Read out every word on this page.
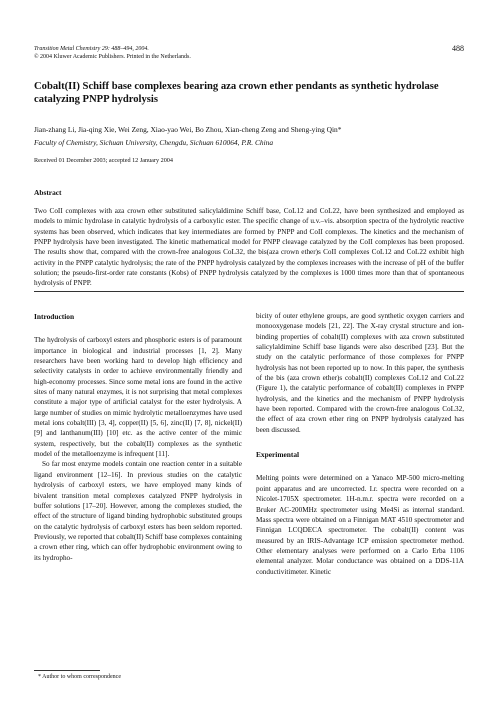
Transition Metal Chemistry 29: 488–494, 2004.
© 2004 Kluwer Academic Publishers. Printed in the Netherlands.
488
Cobalt(II) Schiff base complexes bearing aza crown ether pendants as synthetic hydrolase catalyzing PNPP hydrolysis
Jian-zhang Li, Jia-qing Xie, Wei Zeng, Xiao-yao Wei, Bo Zhou, Xian-cheng Zeng and Sheng-ying Qin*
Faculty of Chemistry, Sichuan University, Chengdu, Sichuan 610064, P.R. China
Received 01 December 2003; accepted 12 January 2004
Abstract
Two CoII complexes with aza crown ether substituted salicylaldimine Schiff base, CoL12 and CoL22, have been synthesized and employed as models to mimic hydrolase in catalytic hydrolysis of a carboxylic ester. The specific change of u.v.–vis. absorption spectra of the hydrolytic reactive systems has been observed, which indicates that key intermediates are formed by PNPP and CoII complexes. The kinetics and the mechanism of PNPP hydrolysis have been investigated. The kinetic mathematical model for PNPP cleavage catalyzed by the CoII complexes has been proposed. The results show that, compared with the crown-free analogous CoL32, the bis(aza crown ether)s CoII complexes CoL12 and CoL22 exhibit high activity in the PNPP catalytic hydrolysis; the rate of the PNPP hydrolysis catalyzed by the complexes increases with the increase of pH of the buffer solution; the pseudo-first-order rate constants (Kobs) of PNPP hydrolysis catalyzed by the complexes is 1000 times more than that of spontaneous hydrolysis of PNPP.

Introduction

The hydrolysis of carboxyl esters and phosphoric esters is of paramount importance in biological and industrial processes [1, 2]. Many researchers have been working hard to develop high efficiency and selectivity catalysts in order to achieve environmentally friendly and high-economy processes. Since some metal ions are found in the active sites of many natural enzymes, it is not surprising that metal complexes constitute a major type of artificial catalyst for the ester hydrolysis. A large number of studies on mimic hydrolytic metalloenzymes have used metal ions cobalt(III) [3, 4], copper(II) [5, 6], zinc(II) [7, 8], nickel(II) [9] and lanthanum(III) [10] etc. as the active center of the mimic system, respectively, but the cobalt(II) complexes as the synthetic model of the metalloenzyme is infrequent [11].

So far most enzyme models contain one reaction center in a suitable ligand environment [12–16]. In previous studies on the catalytic hydrolysis of carboxyl esters, we have employed many kinds of bivalent transition metal complexes catalyzed PNPP hydrolysis in buffer solutions [17–20]. However, among the complexes studied, the effect of the structure of ligand binding hydrophobic substituted groups on the catalytic hydrolysis of carboxyl esters has been seldom reported. Previously, we reported that cobalt(II) Schiff base complexes containing a crown ether ring, which can offer hydrophobic environment owing to its hydropho-

bicity of outer ethylene groups, are good synthetic oxygen carriers and monooxygenase models [21, 22]. The X-ray crystal structure and ion-binding properties of cobalt(II) complexes with aza crown substituted salicylaldimine Schiff base ligands were also described [23]. But the study on the catalytic performance of those complexes for PNPP hydrolysis has not been reported up to now. In this paper, the synthesis of the bis (aza crown ether)s cobalt(II) complexes CoL12 and CoL22 (Figure 1), the catalytic performance of cobalt(II) complexes in PNPP hydrolysis, and the kinetics and the mechanism of PNPP hydrolysis have been reported. Compared with the crown-free analogous CoL32, the effect of aza crown ether ring on PNPP hydrolysis catalyzed has been discussed.

Experimental

Melting points were determined on a Yanaco MP-500 micro-melting point apparatus and are uncorrected. I.r. spectra were recorded on a Nicolet-1705X spectrometer. 1H-n.m.r. spectra were recorded on a Bruker AC-200MHz spectrometer using Me4Si as internal standard. Mass spectra were obtained on a Finnigan MAT 4510 spectrometer and Finnigan LCQDECA spectrometer. The cobalt(II) content was measured by an IRIS-Advantage ICP emission spectrometer method. Other elementary analyses were performed on a Carlo Erba 1106 elemental analyzer. Molar conductance was obtained on a DDS-11A conductivitimeter. Kinetic

* Author to whom correspondence
